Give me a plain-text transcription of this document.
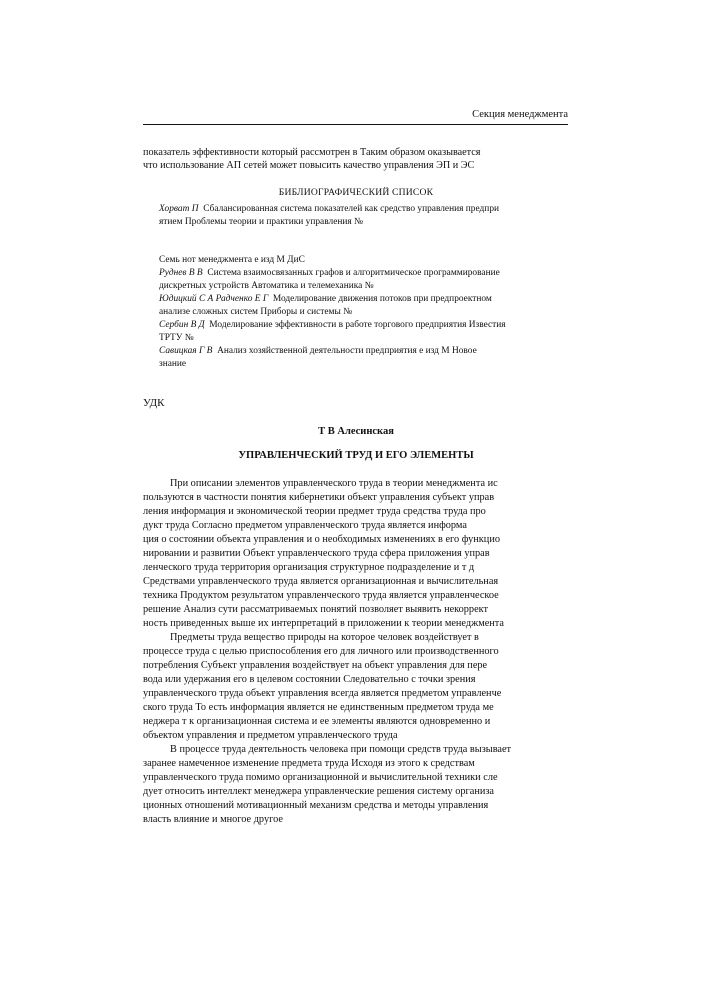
Секция менеджмента
показатель эффективности который рассмотрен в Таким образом оказывается
что использование АП сетей может повысить качество управления ЭП и ЭС
БИБЛИОГРАФИЧЕСКИЙ СПИСОК
Хорват П Сбалансированная система показателей как средство управления предпри
ятием Проблемы теории и практики управления №
Семь нот менеджмента е изд М ДиС
Руднев В В Система взаимосвязанных графов и алгоритмическое программирование
дискретных устройств Автоматика и телемеханика №
Юдицкий С А Радченко Е Г Моделирование движения потоков при предпроектном
анализе сложных систем Приборы и системы №
Сербин В Д Моделирование эффективности в работе торгового предприятия Известия
ТРТУ №
Савицкая Г В Анализ хозяйственной деятельности предприятия е изд М Новое
знание
УДК
Т В Алесинская
УПРАВЛЕНЧЕСКИЙ ТРУД И ЕГО ЭЛЕМЕНТЫ
При описании элементов управленческого труда в теории менеджмента ис
пользуются в частности понятия кибернетики объект управления субъект управ
ления информация и экономической теории предмет труда средства труда про
дукт труда Согласно предметом управленческого труда является информа
ция о состоянии объекта управления и о необходимых изменениях в его функцио
нировании и развитии Объект управленческого труда сфера приложения управ
ленческого труда территория организация структурное подразделение и т д
Средствами управленческого труда является организационная и вычислительная
техника Продуктом результатом управленческого труда является управленческое
решение Анализ сути рассматриваемых понятий позволяет выявить некоррект
ность приведенных выше их интерпретаций в приложении к теории менеджмента
Предметы труда вещество природы на которое человек воздействует в
процессе труда с целью приспособления его для личного или производственного
потребления Субъект управления воздействует на объект управления для пере
вода или удержания его в целевом состоянии Следовательно с точки зрения
управленческого труда объект управления всегда является предметом управленче
ского труда То есть информация является не единственным предметом труда ме
неджера т к организационная система и ее элементы являются одновременно и
объектом управления и предметом управленческого труда
В процессе труда деятельность человека при помощи средств труда вызывает
заранее намеченное изменение предмета труда Исходя из этого к средствам
управленческого труда помимо организационной и вычислительной техники сле
дует относить интеллект менеджера управленческие решения систему организа
ционных отношений мотивационный механизм средства и методы управления
власть влияние и многое другое
